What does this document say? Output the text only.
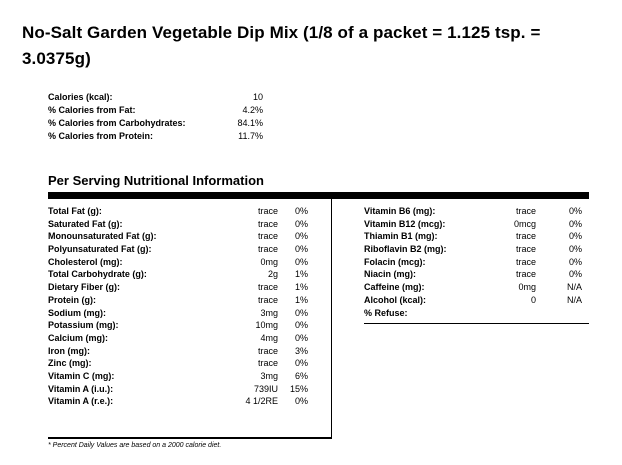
No-Salt Garden Vegetable Dip Mix (1/8 of a packet = 1.125 tsp. = 3.0375g)
Calories (kcal):	10
% Calories from Fat:	4.2%
% Calories from Carbohydrates:	84.1%
% Calories from Protein:	11.7%
Per Serving Nutritional Information
Total Fat (g):	trace	0%
Saturated Fat (g):	trace	0%
Monounsaturated Fat (g):	trace	0%
Polyunsaturated Fat (g):	trace	0%
Cholesterol (mg):	0mg	0%
Total Carbohydrate (g):	2g	1%
Dietary Fiber (g):	trace	1%
Protein (g):	trace	1%
Sodium (mg):	3mg	0%
Potassium (mg):	10mg	0%
Calcium (mg):	4mg	0%
Iron (mg):	trace	3%
Zinc (mg):	trace	0%
Vitamin C (mg):	3mg	6%
Vitamin A (i.u.):	739IU	15%
Vitamin A (r.e.):	4 1/2RE	0%
Vitamin B6 (mg):	trace	0%
Vitamin B12 (mcg):	0mcg	0%
Thiamin B1 (mg):	trace	0%
Riboflavin B2 (mg):	trace	0%
Folacin (mcg):	trace	0%
Niacin (mg):	trace	0%
Caffeine (mg):	0mg	N/A
Alcohol (kcal):	0	N/A
% Refuse:
* Percent Daily Values are based on a 2000 calorie diet.
